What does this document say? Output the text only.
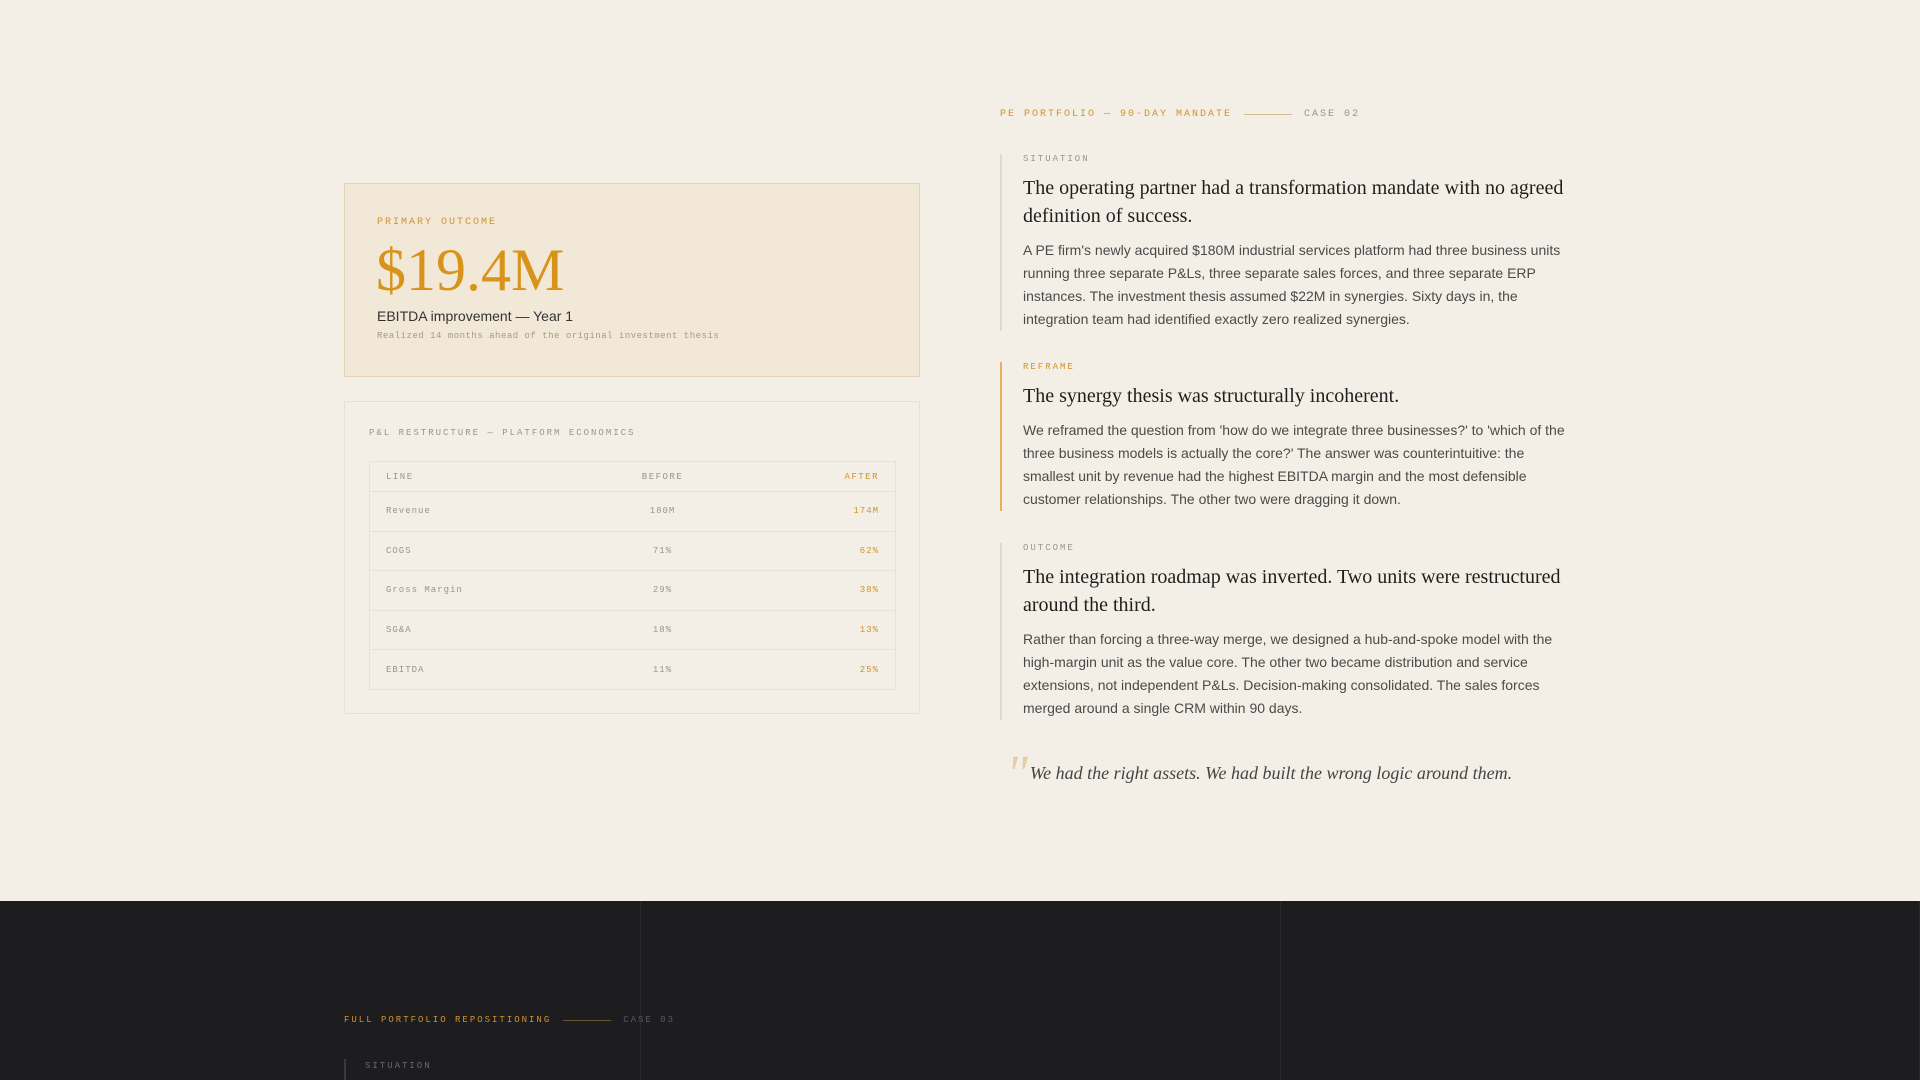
PRIMARY OUTCOME
$19.4M
EBITDA improvement — Year 1
Realized 14 months ahead of the original investment thesis
P&L RESTRUCTURE — PLATFORM ECONOMICS
LINE	BEFORE	AFTER
Revenue	180M	174M
COGS	71%	62%
Gross Margin	29%	38%
SG&A	18%	13%
EBITDA	11%	25%
PE PORTFOLIO — 90-DAY MANDATE	CASE 02
SITUATION
The operating partner had a transformation mandate with no agreed definition of success.
A PE firm's newly acquired $180M industrial services platform had three business units running three separate P&Ls, three separate sales forces, and three separate ERP instances. The investment thesis assumed $22M in synergies. Sixty days in, the integration team had identified exactly zero realized synergies.
REFRAME
The synergy thesis was structurally incoherent.
We reframed the question from 'how do we integrate three businesses?' to 'which of the three business models is actually the core?' The answer was counterintuitive: the smallest unit by revenue had the highest EBITDA margin and the most defensible customer relationships. The other two were dragging it down.
OUTCOME
The integration roadmap was inverted. Two units were restructured around the third.
Rather than forcing a three-way merge, we designed a hub-and-spoke model with the high-margin unit as the value core. The other two became distribution and service extensions, not independent P&Ls. Decision-making consolidated. The sales forces merged around a single CRM within 90 days.
" We had the right assets. We had built the wrong logic around them.
FULL PORTFOLIO REPOSITIONING	CASE 03
SITUATION
